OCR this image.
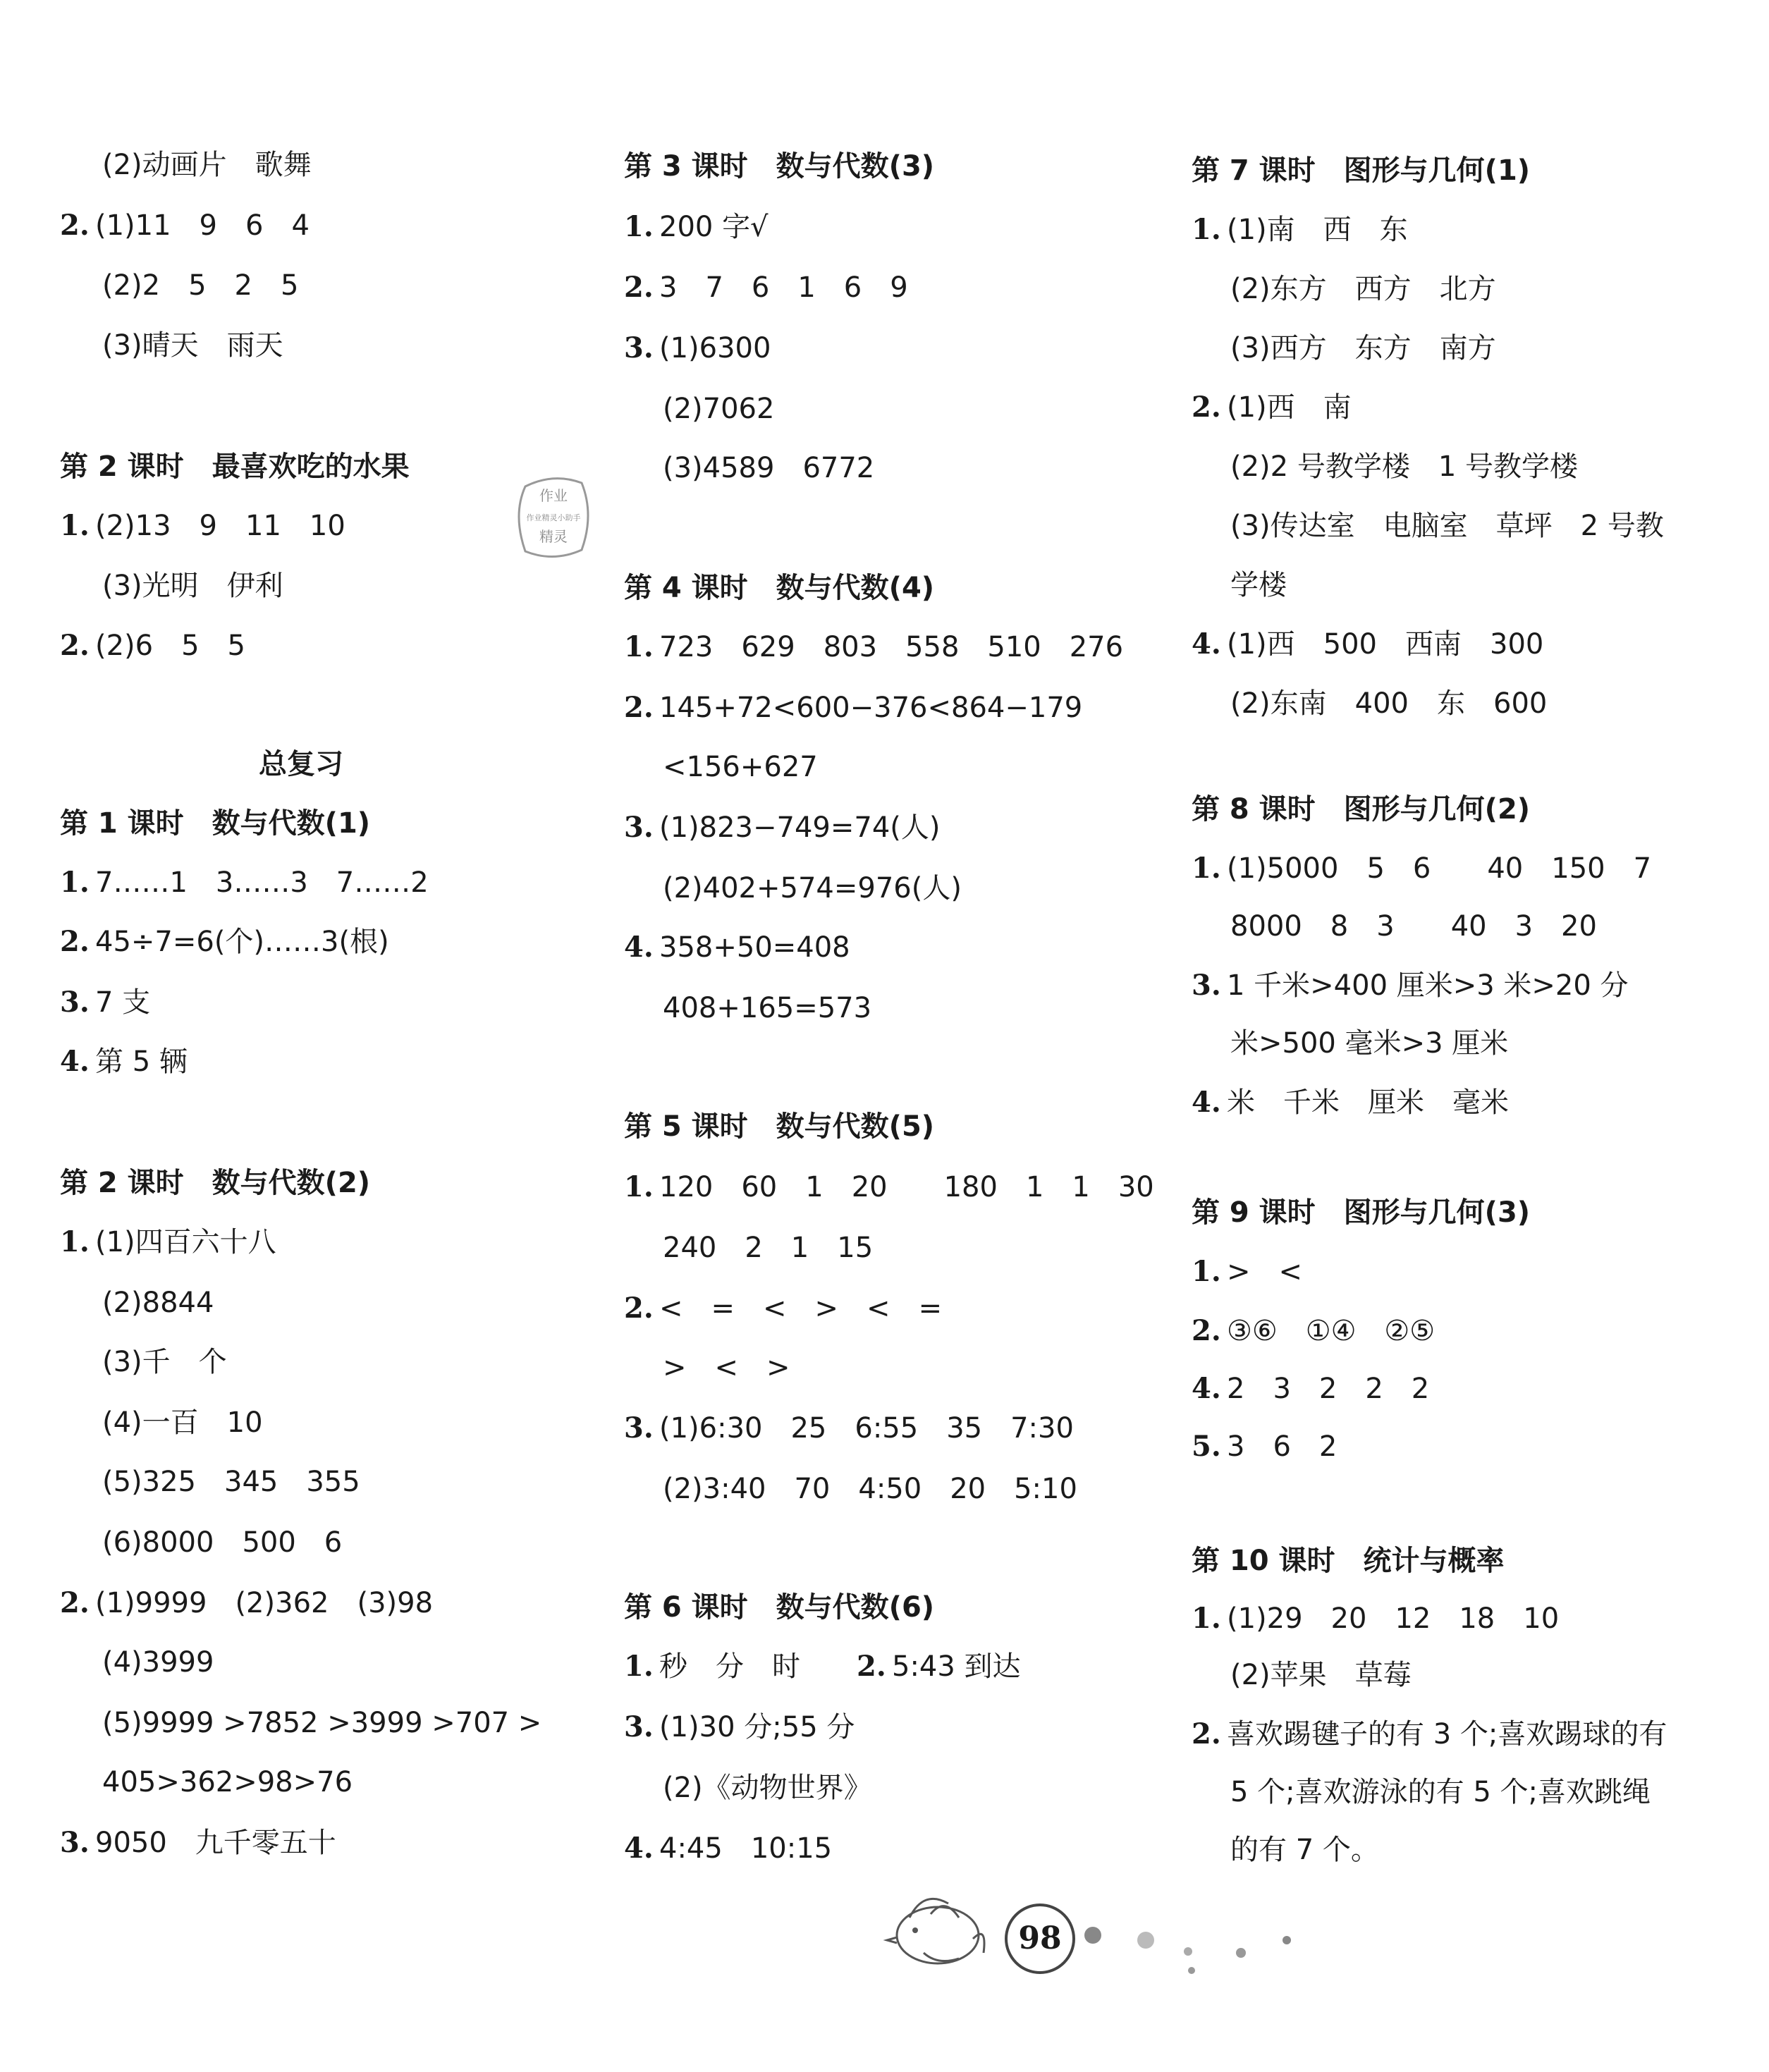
(2)动画片　歌舞
2. (1)11　9　6　4
(2)2　5　2　5
(3)晴天　雨天
第 2 课时　最喜欢吃的水果
1. (2)13　9　11　10
(3)光明　伊利
2. (2)6　5　5
总复习
第 1 课时　数与代数(1)
1. 7……1　3……3　7……2
2. 45÷7=6(个)……3(根)
3. 7 支
4. 第 5 辆
第 2 课时　数与代数(2)
1. (1)四百六十八
(2)8844
(3)千　个
(4)一百　10
(5)325　345　355
(6)8000　500　6
2. (1)9999　(2)362　(3)98
(4)3999
(5)9999 >7852 >3999 >707 >
405>362>98>76
3. 9050　九千零五十
第 3 课时　数与代数(3)
1. 200 字√
2. 3　7　6　1　6　9
3. (1)6300
(2)7062
(3)4589　6772
第 4 课时　数与代数(4)
1. 723　629　803　558　510　276
2. 145+72<600−376<864−179
<156+627
3. (1)823−749=74(人)
(2)402+574=976(人)
4. 358+50=408
408+165=573
第 5 课时　数与代数(5)
1. 120　60　1　20　　180　1　1　30
240　2　1　15
2. <　=　<　>　<　=
>　<　>
3. (1)6:30　25　6:55　35　7:30
(2)3:40　70　4:50　20　5:10
第 6 课时　数与代数(6)
1. 秒　分　时　 2. 5:43 到达
3. (1)30 分;55 分
(2)《动物世界》
4. 4:45　10:15
第 7 课时　图形与几何(1)
1. (1)南　西　东
(2)东方　西方　北方
(3)西方　东方　南方
2. (1)西　南
(2)2 号教学楼　1 号教学楼
(3)传达室　电脑室　草坪　2 号教
学楼
4. (1)西　500　西南　300
(2)东南　400　东　600
第 8 课时　图形与几何(2)
1. (1)5000　5　6　　40　150　7
8000　8　3　　40　3　20
3. 1 千米>400 厘米>3 米>20 分
米>500 毫米>3 厘米
4. 米　千米　厘米　毫米
第 9 课时　图形与几何(3)
1. >　<
2. ③⑥　①④　②⑤
4. 2　3　2　2　2
5. 3　6　2
第 10 课时　统计与概率
1. (1)29　20　12　18　10
(2)苹果　草莓
2. 喜欢踢毽子的有 3 个;喜欢踢球的有
5 个;喜欢游泳的有 5 个;喜欢跳绳
的有 7 个。
作业
作业精灵小助手
精灵
98
